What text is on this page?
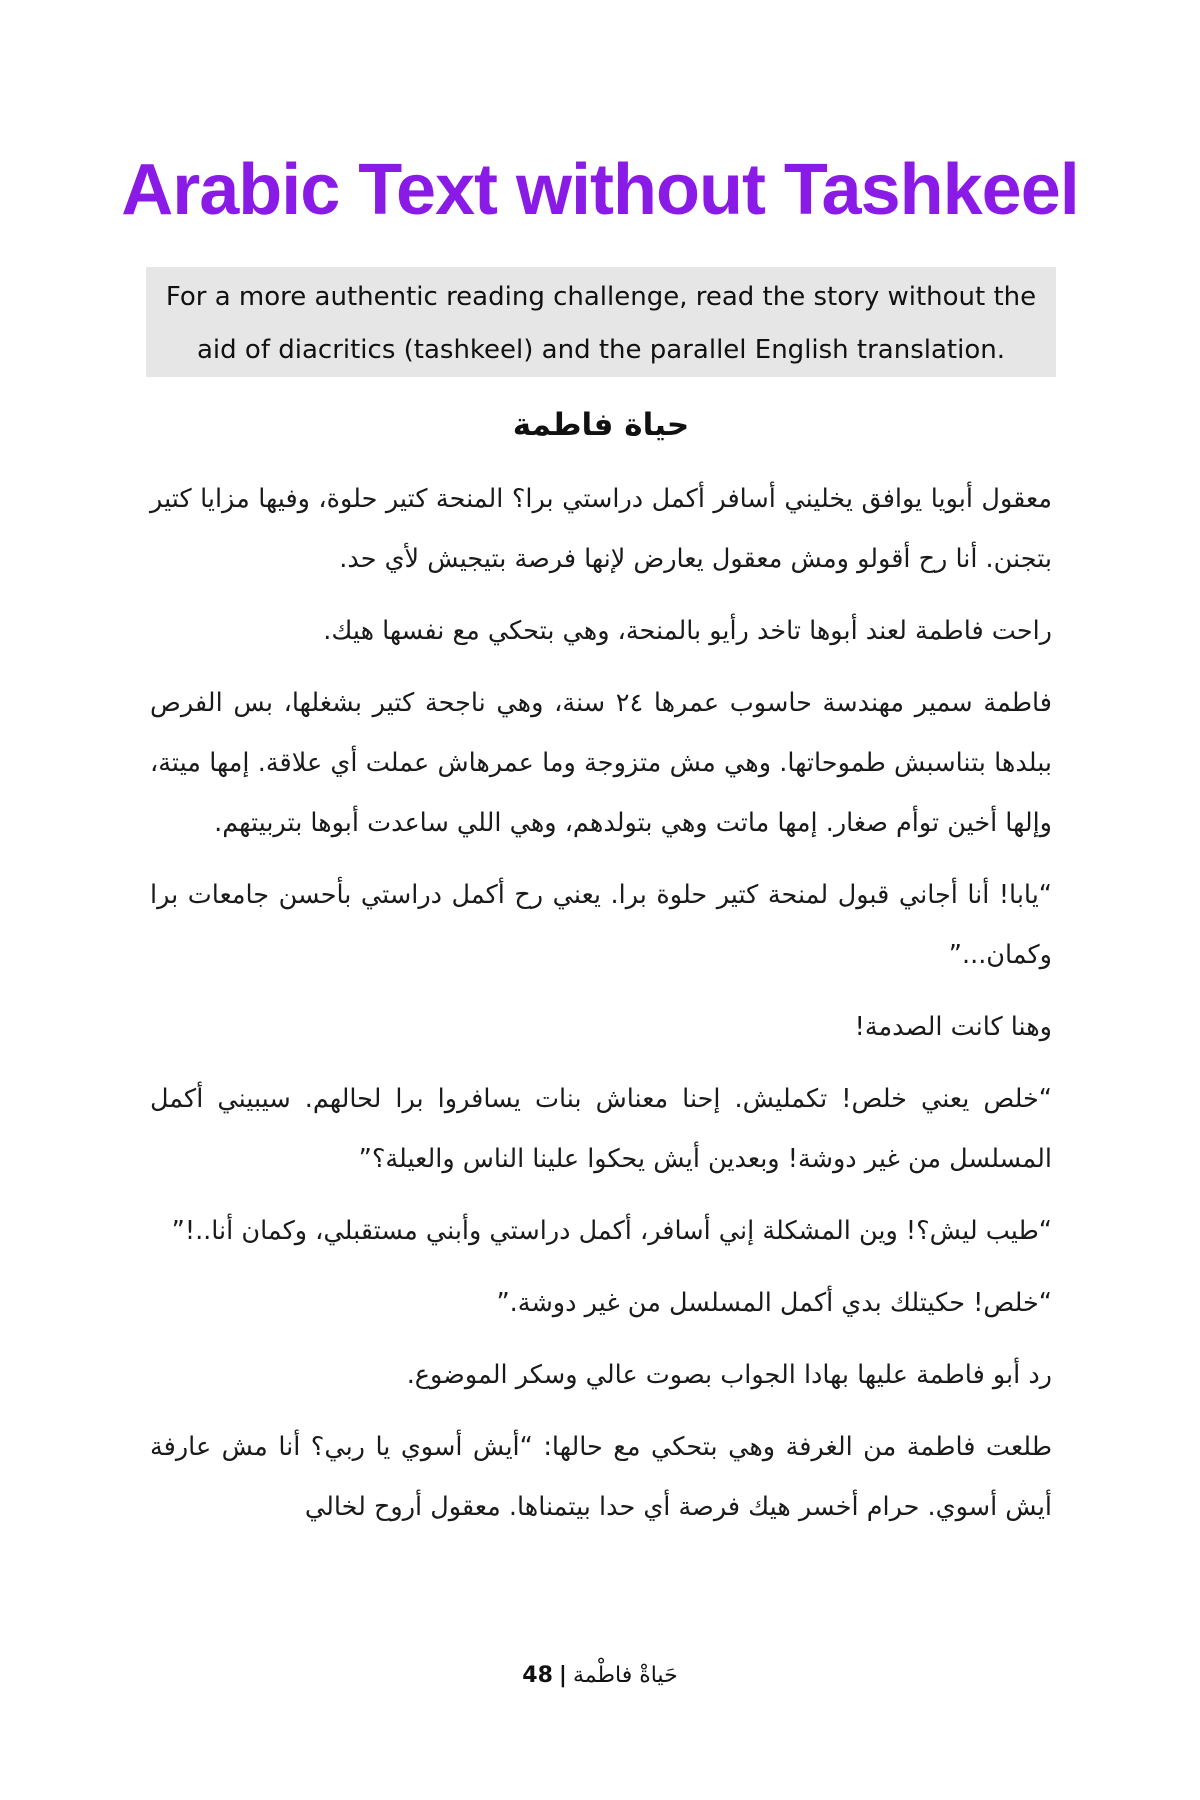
Arabic Text without Tashkeel
For a more authentic reading challenge, read the story without the aid of diacritics (tashkeel) and the parallel English translation.
حياة فاطمة

معقول أبويا يوافق يخليني أسافر أكمل دراستي برا؟ المنحة كتير حلوة، وفيها مزايا كتير بتجنن. أنا رح أقولو ومش معقول يعارض لإنها فرصة بتيجيش لأي حد.

راحت فاطمة لعند أبوها تاخد رأيو بالمنحة، وهي بتحكي مع نفسها هيك.

فاطمة سمير مهندسة حاسوب عمرها ٢٤ سنة، وهي ناجحة كتير بشغلها، بس الفرص ببلدها بتناسبش طموحاتها. وهي مش متزوجة وما عمرهاش عملت أي علاقة. إمها ميتة، وإلها أخين توأم صغار. إمها ماتت وهي بتولدهم، وهي اللي ساعدت أبوها بتربيتهم.

“يابا! أنا أجاني قبول لمنحة كتير حلوة برا. يعني رح أكمل دراستي بأحسن جامعات برا وكمان...”

وهنا كانت الصدمة!

“خلص يعني خلص! تكمليش. إحنا معناش بنات يسافروا برا لحالهم. سيبيني أكمل المسلسل من غير دوشة! وبعدين أيش يحكوا علينا الناس والعيلة؟”

“طيب ليش؟! وين المشكلة إني أسافر، أكمل دراستي وأبني مستقبلي، وكمان أنا..!”

“خلص! حكيتلك بدي أكمل المسلسل من غير دوشة.”

رد أبو فاطمة عليها بهادا الجواب بصوت عالي وسكر الموضوع.

طلعت فاطمة من الغرفة وهي بتحكي مع حالها: “أيش أسوي يا ربي؟ أنا مش عارفة أيش أسوي. حرام أخسر هيك فرصة أي حدا بيتمناها. معقول أروح لخالي

48 | حَياةْ فاطْمة
